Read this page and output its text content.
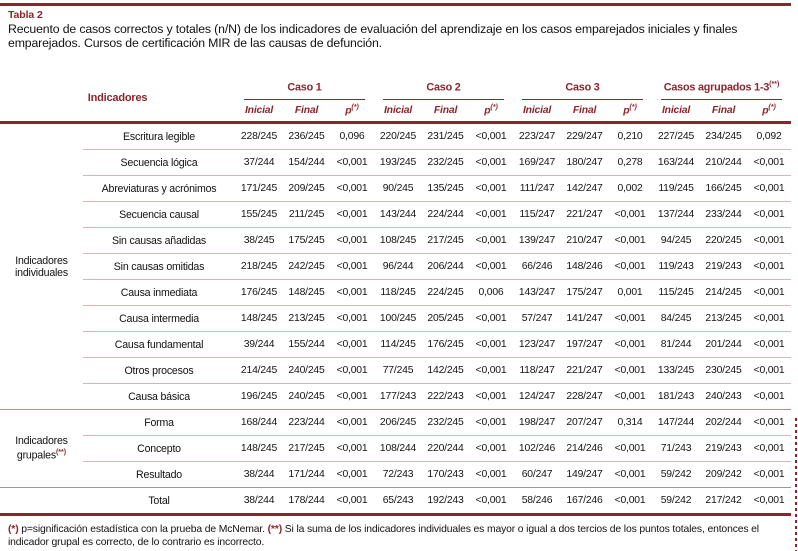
Tabla 2
Recuento de casos correctos y totales (n/N) de los indicadores de evaluación del aprendizaje en los casos emparejados iniciales y finales emparejados. Cursos de certificación MIR de las causas de defunción.
Indicadores		Caso 1			Caso 2			Caso 3			Casos agrupados 1-3(**)
		Inicial	Final	p(*)	Inicial	Final	p(*)	Inicial	Final	p(*)	Inicial	Final	p(*)
Indicadores individuales	Escritura legible	228/245	236/245	0,096	220/245	231/245	<0,001	223/247	229/247	0,210	227/245	234/245	0,092
	Secuencia lógica	37/244	154/244	<0,001	193/245	232/245	<0,001	169/247	180/247	0,278	163/244	210/244	<0,001
	Abreviaturas y acrónimos	171/245	209/245	<0,001	90/245	135/245	<0,001	111/247	142/247	0,002	119/245	166/245	<0,001
	Secuencia causal	155/245	211/245	<0,001	143/244	224/244	<0,001	115/247	221/247	<0,001	137/244	233/244	<0,001
	Sin causas añadidas	38/245	175/245	<0,001	108/245	217/245	<0,001	139/247	210/247	<0,001	94/245	220/245	<0,001
	Sin causas omitidas	218/245	242/245	<0,001	96/244	206/244	<0,001	66/246	148/246	<0,001	119/243	219/243	<0,001
	Causa inmediata	176/245	148/245	<0,001	118/245	224/245	0,006	143/247	175/247	0,001	115/245	214/245	<0,001
	Causa intermedia	148/245	213/245	<0,001	100/245	205/245	<0,001	57/247	141/247	<0,001	84/245	213/245	<0,001
	Causa fundamental	39/244	155/244	<0,001	114/245	176/245	<0,001	123/247	197/247	<0,001	81/244	201/244	<0,001
	Otros procesos	214/245	240/245	<0,001	77/245	142/245	<0,001	118/247	221/247	<0,001	133/245	230/245	<0,001
	Causa básica	196/245	240/245	<0,001	177/243	222/243	<0,001	124/247	228/247	<0,001	181/243	240/243	<0,001
Indicadores grupales(**)	Forma	168/244	223/244	<0,001	206/245	232/245	<0,001	198/247	207/247	0,314	147/244	202/244	<0,001
	Concepto	148/245	217/245	<0,001	108/244	220/244	<0,001	102/246	214/246	<0,001	71/243	219/243	<0,001
	Resultado	38/244	171/244	<0,001	72/243	170/243	<0,001	60/247	149/247	<0,001	59/242	209/242	<0,001
	Total	38/244	178/244	<0,001	65/243	192/243	<0,001	58/246	167/246	<0,001	59/242	217/242	<0,001
(*) p=significación estadística con la prueba de McNemar. (**) Si la suma de los indicadores individuales es mayor o igual a dos tercios de los puntos totales, entonces el indicador grupal es correcto, de lo contrario es incorrecto.
